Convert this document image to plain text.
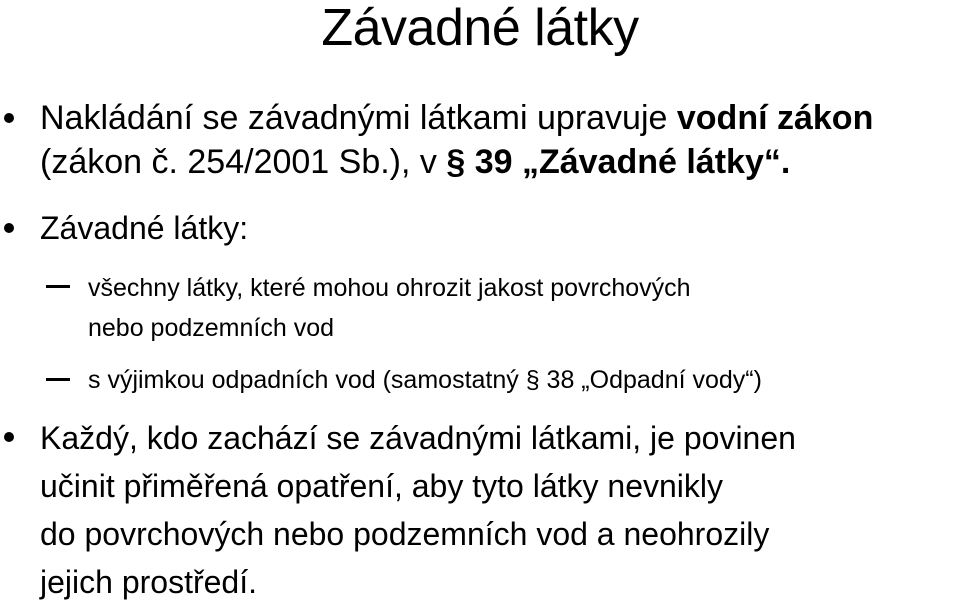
Závadné látky
Nakládání se závadnými látkami upravuje vodní zákon
(zákon č. 254/2001 Sb.), v § 39 „Závadné látky“.
Závadné látky:
všechny látky, které mohou ohrozit jakost povrchových
nebo podzemních vod
s výjimkou odpadních vod (samostatný § 38 „Odpadní vody“)
Každý, kdo zachází se závadnými látkami, je povinen
učinit přiměřená opatření, aby tyto látky nevnikly
do povrchových nebo podzemních vod a neohrozily
jejich prostředí.
